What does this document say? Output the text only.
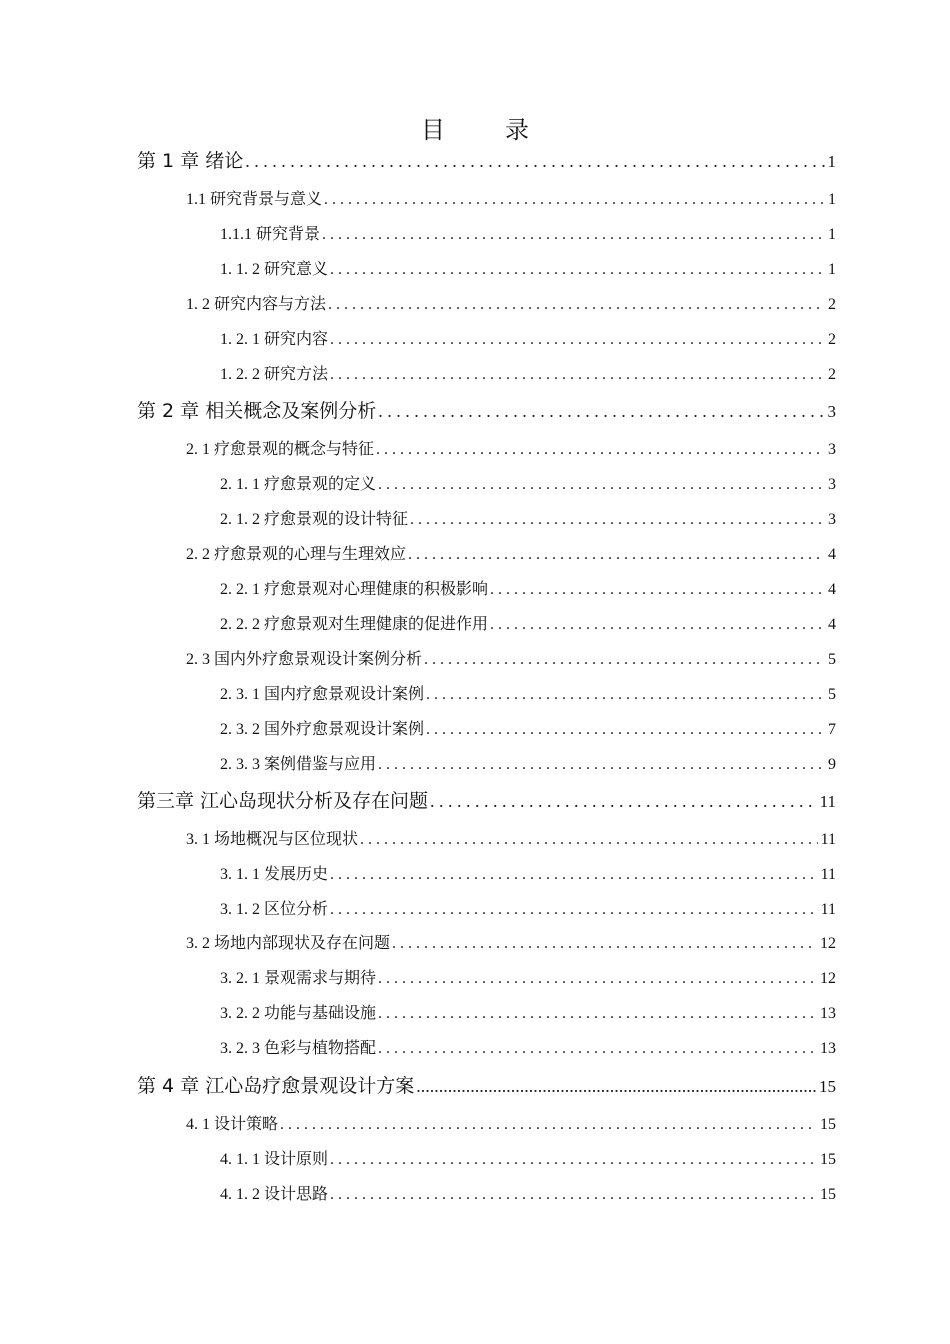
目　录
第 1 章 绪论 . . .	1
1.1 研究背景与意义 . . .	1
1.1.1 研究背景 . . .	1
1. 1. 2 研究意义 . . .	1
1. 2 研究内容与方法 . . .	2
1. 2. 1 研究内容 . . .	2
1. 2. 2 研究方法 . . .	2
第 2 章 相关概念及案例分析 . . .	3
2. 1 疗愈景观的概念与特征 . . .	3
2. 1. 1 疗愈景观的定义 . . .	3
2. 1. 2 疗愈景观的设计特征 . . .	3
2. 2 疗愈景观的心理与生理效应 . . .	4
2. 2. 1 疗愈景观对心理健康的积极影响 . . .	4
2. 2. 2 疗愈景观对生理健康的促进作用 . . .	4
2. 3 国内外疗愈景观设计案例分析 . . .	5
2. 3. 1 国内疗愈景观设计案例 . . .	5
2. 3. 2 国外疗愈景观设计案例 . . .	7
2. 3. 3 案例借鉴与应用 . . .	9
第三章 江心岛现状分析及存在问题 . . .	11
3. 1 场地概况与区位现状 . . .	11
3. 1. 1 发展历史 . . .	11
3. 1. 2 区位分析 . . .	11
3. 2 场地内部现状及存在问题 . . .	12
3. 2. 1 景观需求与期待 . . .	12
3. 2. 2 功能与基础设施 . . .	13
3. 2. 3 色彩与植物搭配 . . .	13
第 4 章 江心岛疗愈景观设计方案 .....	15
4. 1 设计策略 . . .	15
4. 1. 1 设计原则 . . .	15
4. 1. 2 设计思路 . . .	15
